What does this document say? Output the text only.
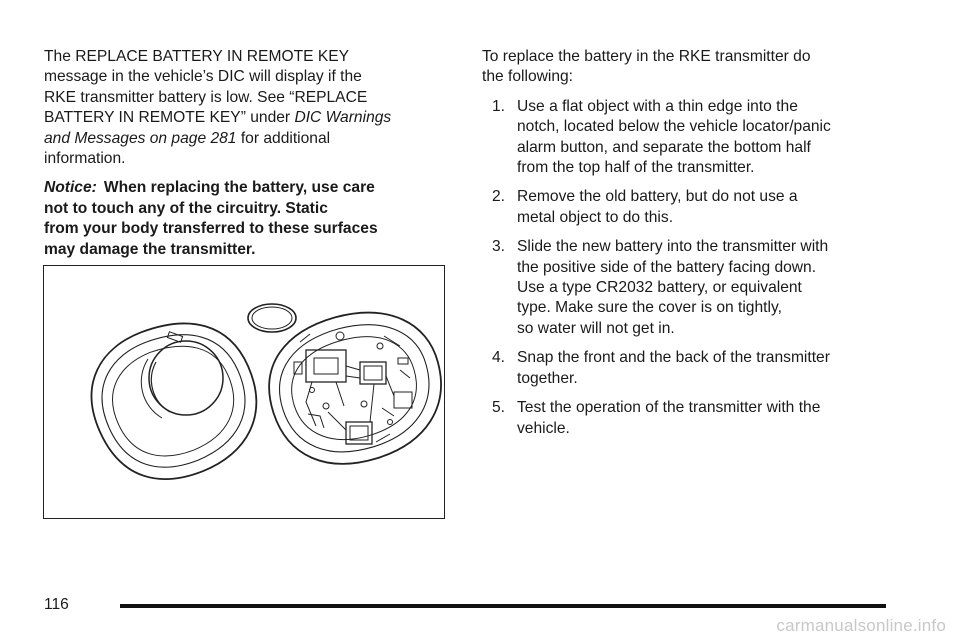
The REPLACE BATTERY IN REMOTE KEY
message in the vehicle’s DIC will display if the
RKE transmitter battery is low. See “REPLACE
BATTERY IN REMOTE KEY” under DIC Warnings
and Messages on page 281 for additional
information.

Notice: When replacing the battery, use care
not to touch any of the circuitry. Static
from your body transferred to these surfaces
may damage the transmitter.

To replace the battery in the RKE transmitter do
the following:

1. Use a flat object with a thin edge into the
notch, located below the vehicle locator/panic
alarm button, and separate the bottom half
from the top half of the transmitter.
2. Remove the old battery, but do not use a
metal object to do this.
3. Slide the new battery into the transmitter with
the positive side of the battery facing down.
Use a type CR2032 battery, or equivalent
type. Make sure the cover is on tightly,
so water will not get in.
4. Snap the front and the back of the transmitter
together.
5. Test the operation of the transmitter with the
vehicle.
116
carmanualsonline.info
